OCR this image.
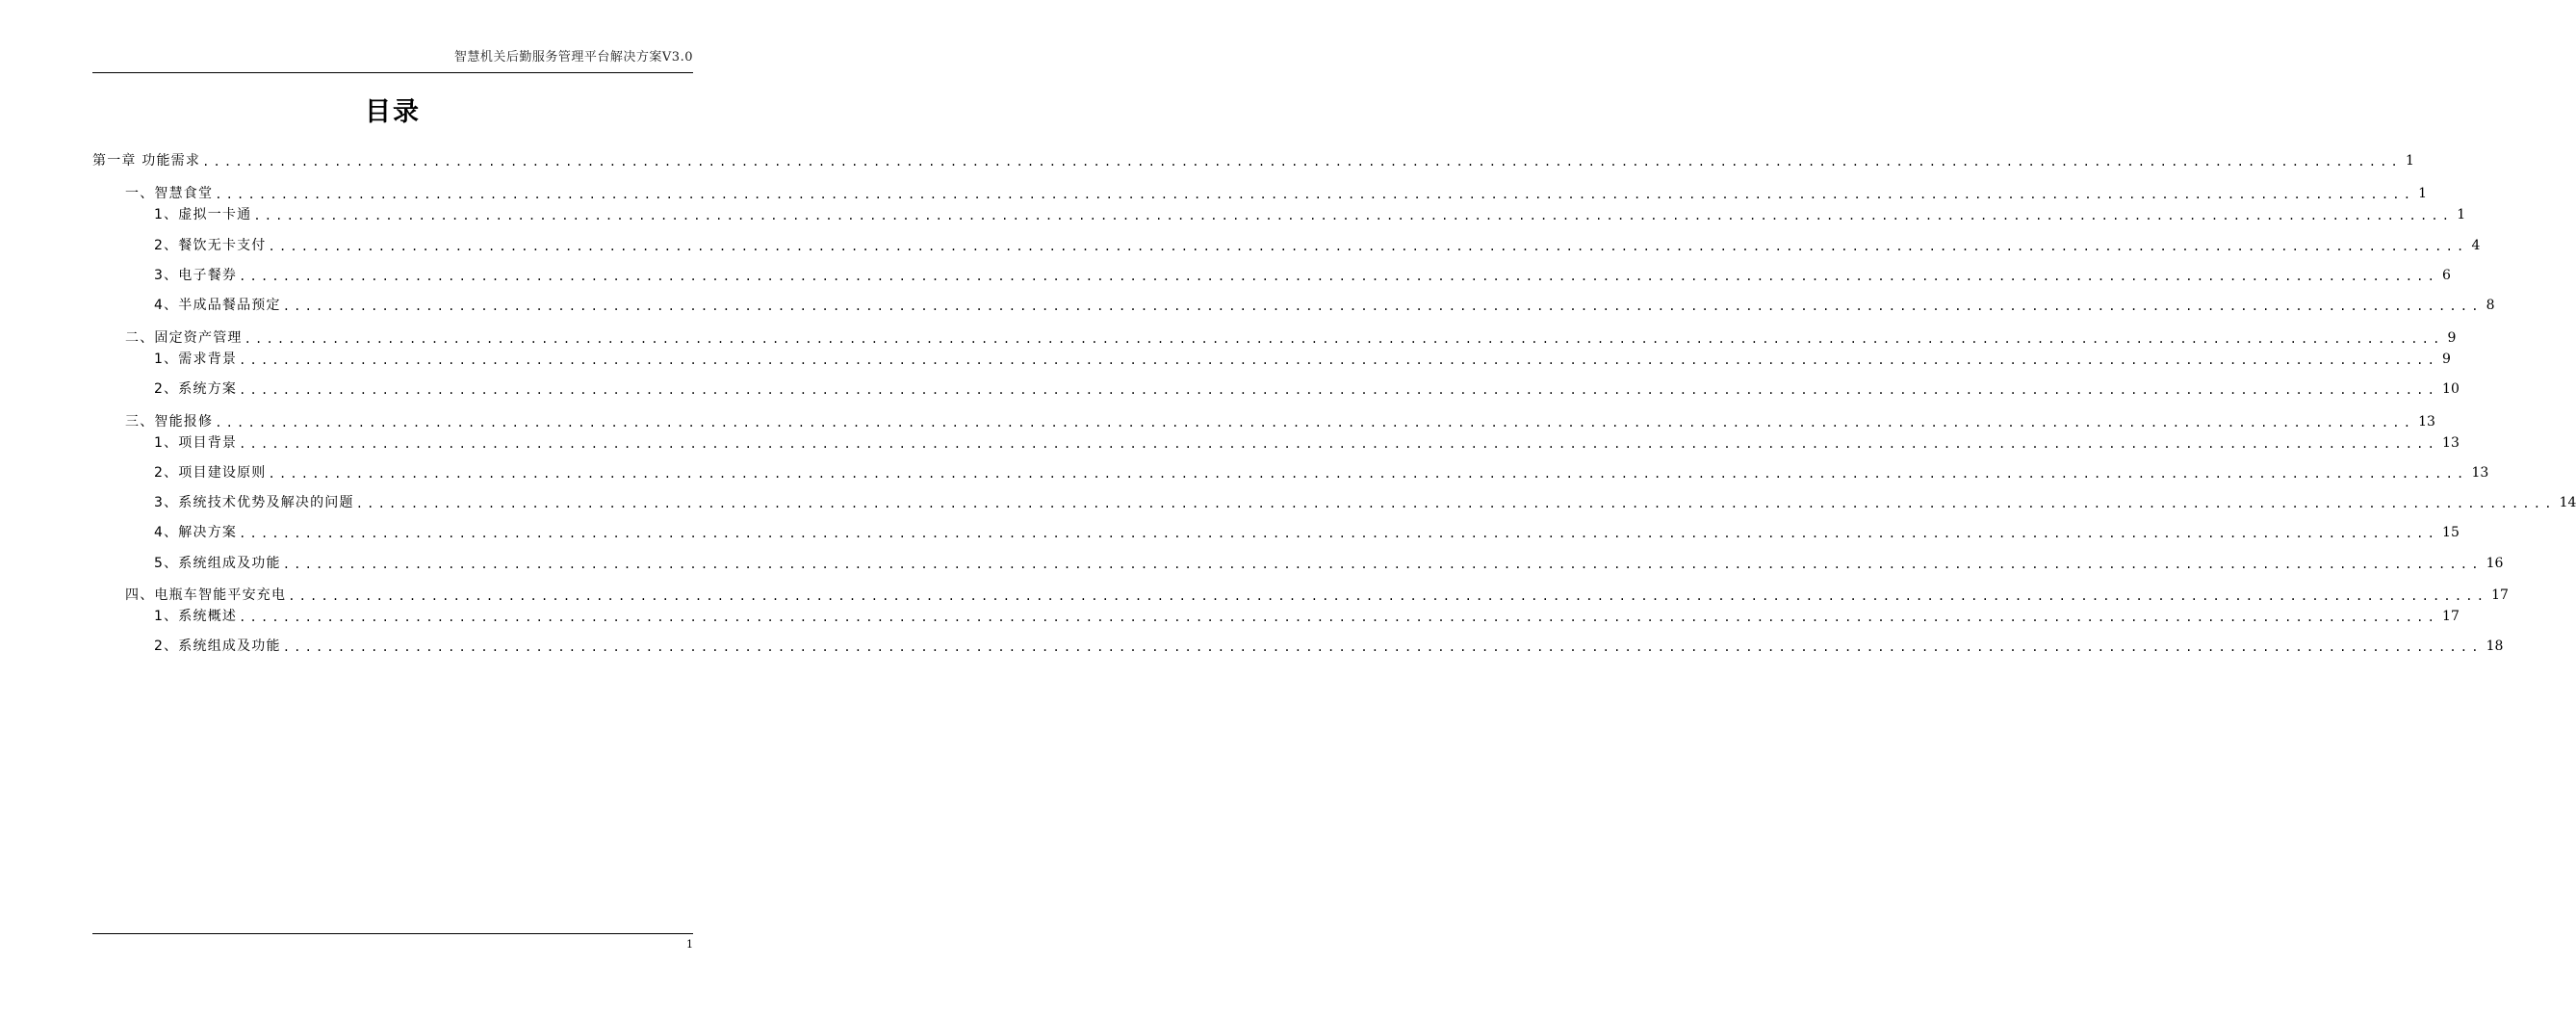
智慧机关后勤服务管理平台解决方案V3.0
目录
第一章 功能需求 ........................................................................................................................................................................................................ 1
一、智慧食堂 ........................................................................................................................................................................................................ 1
1、虚拟一卡通 ........................................................................................................................................................................................................ 1
2、餐饮无卡支付 ........................................................................................................................................................................................................ 4
3、电子餐券 ........................................................................................................................................................................................................ 6
4、半成品餐品预定 ........................................................................................................................................................................................................ 8
二、固定资产管理 ........................................................................................................................................................................................................ 9
1、需求背景 ........................................................................................................................................................................................................ 9
2、系统方案 ........................................................................................................................................................................................................ 10
三、智能报修 ........................................................................................................................................................................................................ 13
1、项目背景 ........................................................................................................................................................................................................ 13
2、项目建设原则 ........................................................................................................................................................................................................ 13
3、系统技术优势及解决的问题 ........................................................................................................................................................................................................ 14
4、解决方案 ........................................................................................................................................................................................................ 15
5、系统组成及功能 ........................................................................................................................................................................................................ 16
四、电瓶车智能平安充电 ........................................................................................................................................................................................................ 17
1、系统概述 ........................................................................................................................................................................................................ 17
2、系统组成及功能 ........................................................................................................................................................................................................ 18
1
